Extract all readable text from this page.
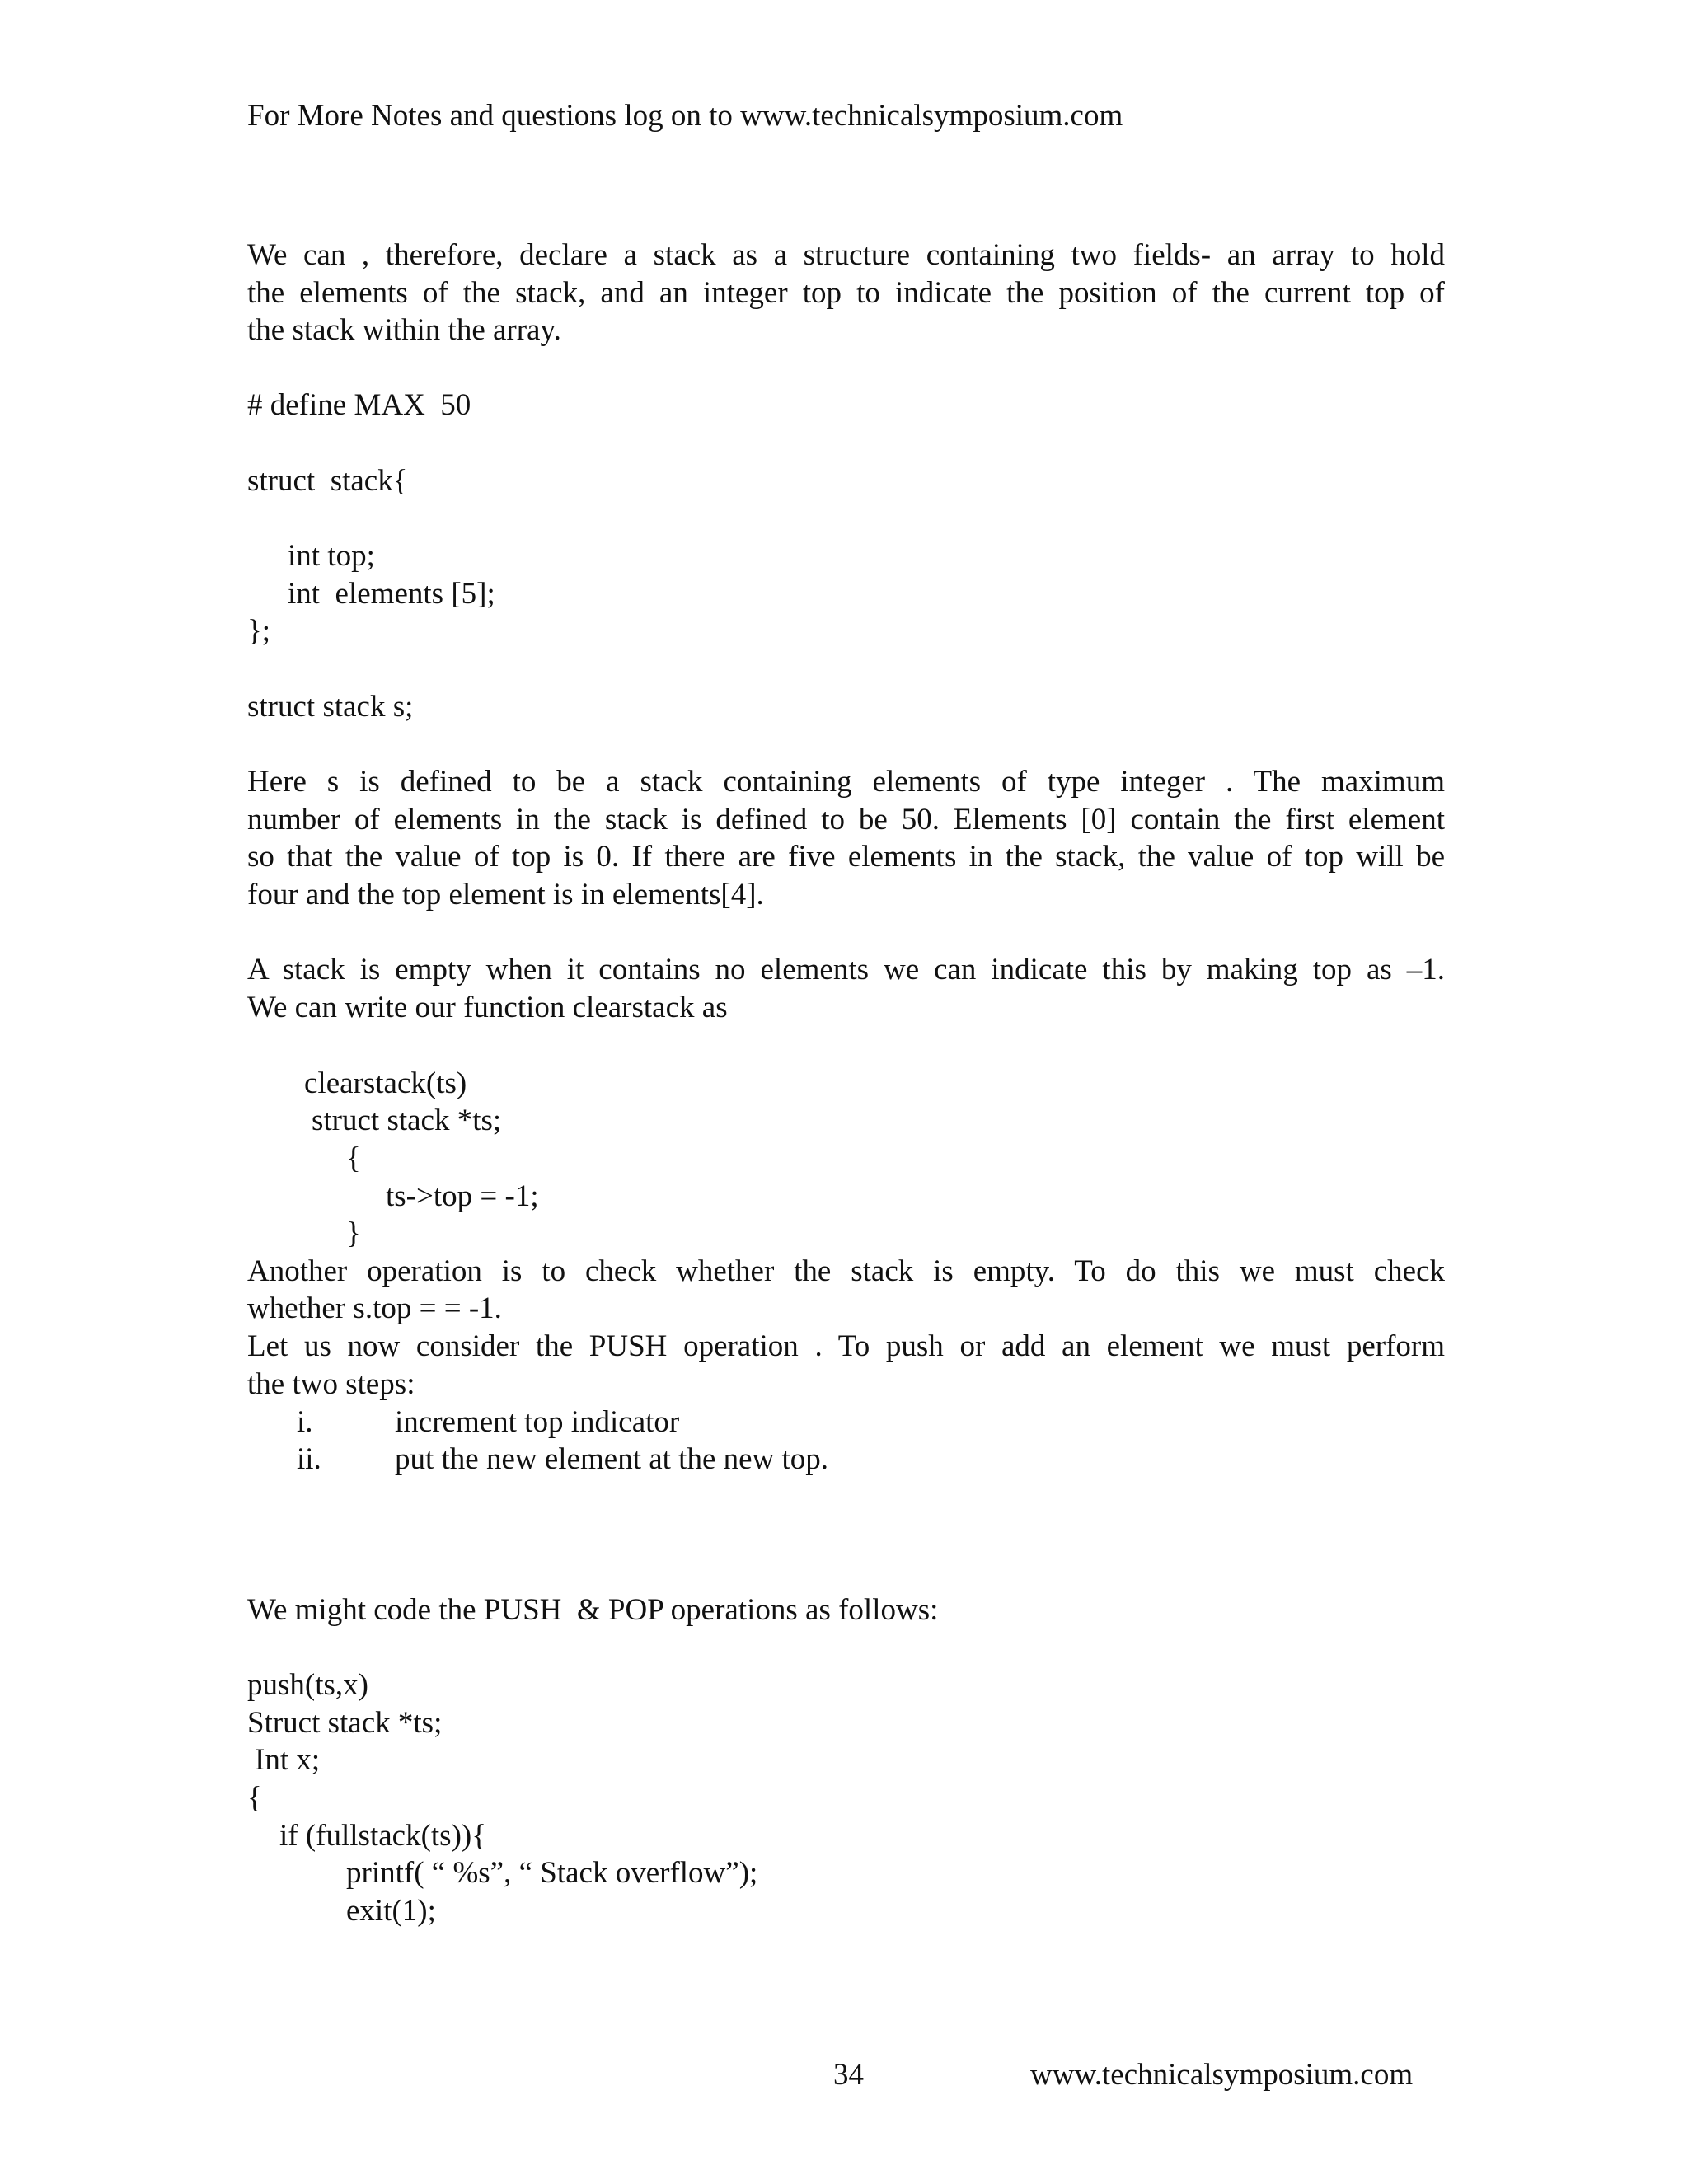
For More Notes and questions log on to www.technicalsymposium.com
We can , therefore, declare a stack as a structure containing two fields- an array to hold
the elements of the stack, and an integer top to indicate the position of the current top of
the stack within the array.
# define MAX  50
struct  stack{
int top;
int  elements [5];
};
struct stack s;
Here s is defined to be a stack containing elements of type integer . The maximum
number of elements in the stack is defined to be 50. Elements [0] contain the first element
so that the value of top is 0. If there are five elements in the stack, the value of top will be
four and the top element is in elements[4].
A stack is empty when it contains no elements we can indicate this by making top as –1.
We can write our function clearstack as
clearstack(ts)
struct stack *ts;
{
ts->top = -1;
}
Another operation is to check whether the stack is empty. To do this we must check
whether s.top = = -1.
Let us now consider the PUSH operation . To push or add an element we must perform
the two steps:
i.	increment top indicator
ii. put the new element at the new top.
We might code the PUSH  & POP operations as follows:
push(ts,x)
Struct stack *ts;
Int x;
{
if (fullstack(ts)){
printf( “ %s”, “ Stack overflow”);
exit(1);
34	www.technicalsymposium.com
